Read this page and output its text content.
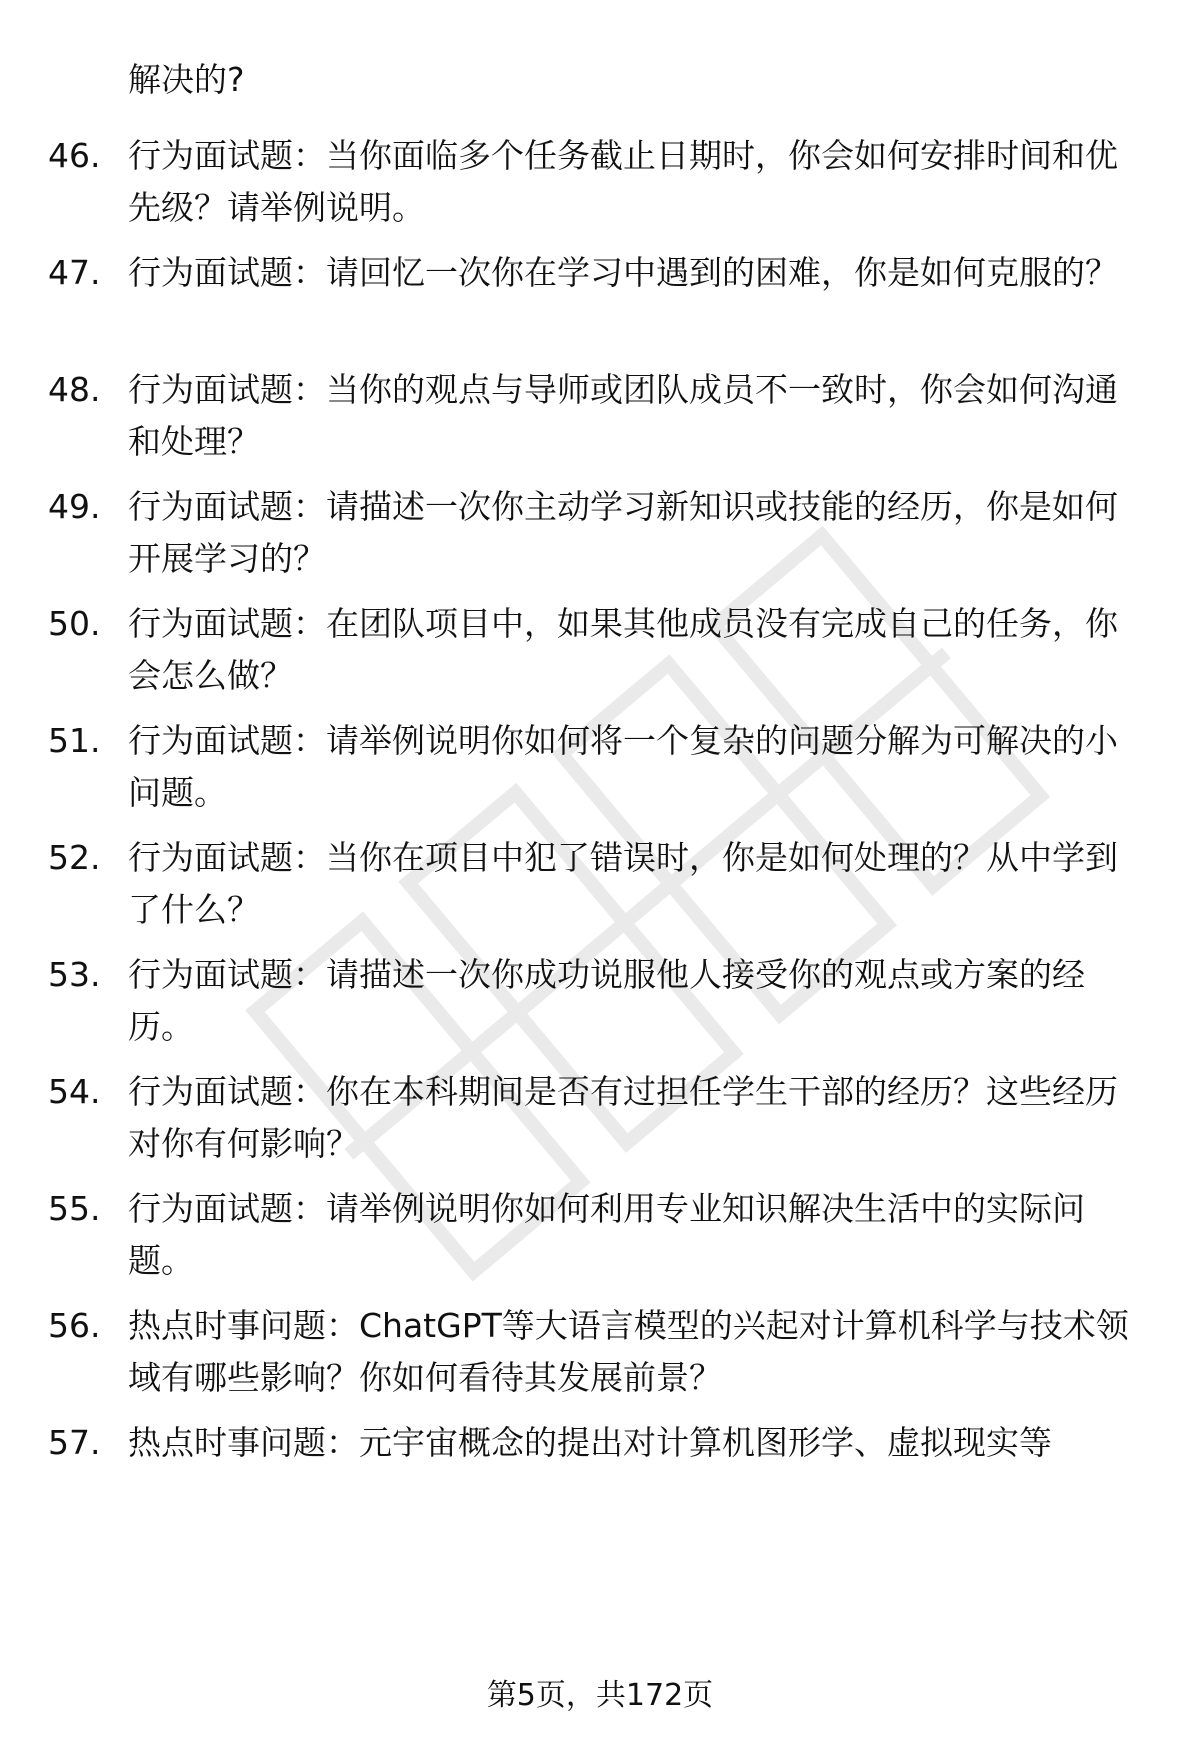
解决的?
46. 行为面试题：当你面临多个任务截止日期时，你会如何安排时间和优先级？请举例说明。
47. 行为面试题：请回忆一次你在学习中遇到的困难，你是如何克服的？
48. 行为面试题：当你的观点与导师或团队成员不一致时，你会如何沟通和处理？
49. 行为面试题：请描述一次你主动学习新知识或技能的经历，你是如何开展学习的？
50. 行为面试题：在团队项目中，如果其他成员没有完成自己的任务，你会怎么做？
51. 行为面试题：请举例说明你如何将一个复杂的问题分解为可解决的小问题。
52. 行为面试题：当你在项目中犯了错误时，你是如何处理的？从中学到了什么？
53. 行为面试题：请描述一次你成功说服他人接受你的观点或方案的经历。
54. 行为面试题：你在本科期间是否有过担任学生干部的经历？这些经历对你有何影响？
55. 行为面试题：请举例说明你如何利用专业知识解决生活中的实际问题。
56. 热点时事问题：ChatGPT等大语言模型的兴起对计算机科学与技术领域有哪些影响？你如何看待其发展前景？
57. 热点时事问题：元宇宙概念的提出对计算机图形学、虚拟现实等
第5页，共172页
